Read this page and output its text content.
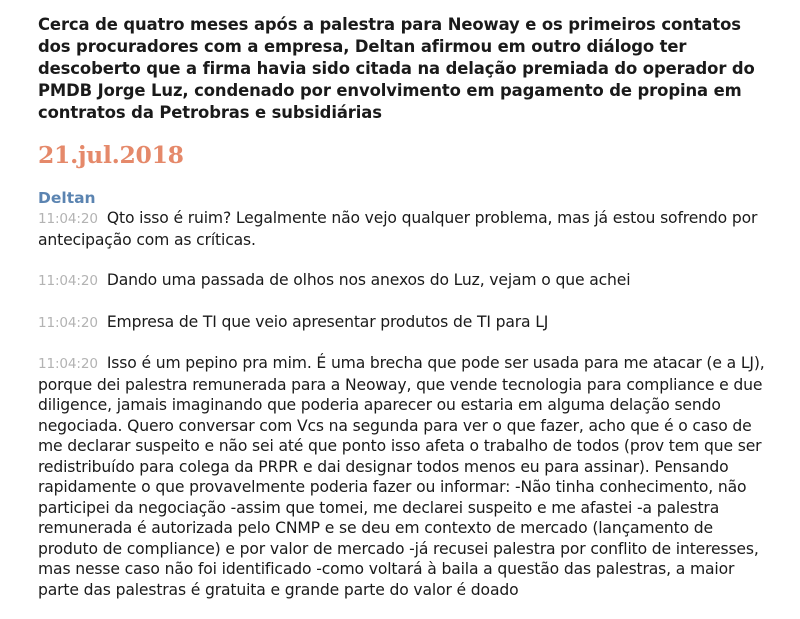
Cerca de quatro meses após a palestra para Neoway e os primeiros contatos dos procuradores com a empresa, Deltan afirmou em outro diálogo ter descoberto que a firma havia sido citada na delação premiada do operador do PMDB Jorge Luz, condenado por envolvimento em pagamento de propina em contratos da Petrobras e subsidiárias

21.jul.2018
Deltan

11:04:20 Qto isso é ruim? Legalmente não vejo qualquer problema, mas já estou sofrendo por antecipação com as críticas.

11:04:20 Dando uma passada de olhos nos anexos do Luz, vejam o que achei

11:04:20 Empresa de TI que veio apresentar produtos de TI para LJ

11:04:20 Isso é um pepino pra mim. É uma brecha que pode ser usada para me atacar (e a LJ), porque dei palestra remunerada para a Neoway, que vende tecnologia para compliance e due diligence, jamais imaginando que poderia aparecer ou estaria em alguma delação sendo negociada. Quero conversar com Vcs na segunda para ver o que fazer, acho que é o caso de me declarar suspeito e não sei até que ponto isso afeta o trabalho de todos (prov tem que ser redistribuído para colega da PRPR e dai designar todos menos eu para assinar). Pensando rapidamente o que provavelmente poderia fazer ou informar: -Não tinha conhecimento, não participei da negociação -assim que tomei, me declarei suspeito e me afastei -a palestra remunerada é autorizada pelo CNMP e se deu em contexto de mercado (lançamento de produto de compliance) e por valor de mercado -já recusei palestra por conflito de interesses, mas nesse caso não foi identificado -como voltará à baila a questão das palestras, a maior parte das palestras é gratuita e grande parte do valor é doado
